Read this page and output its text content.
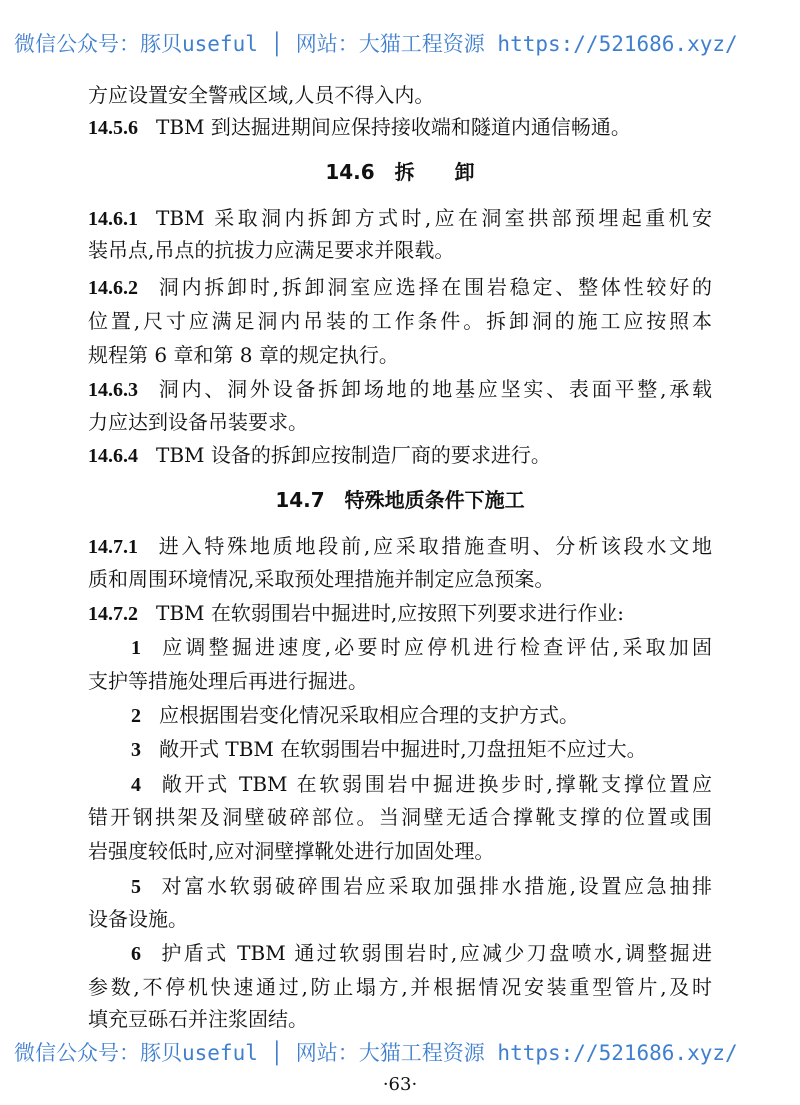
微信公众号：豚贝useful │ 网站：大猫工程资源 https://521686.xyz/
方应设置安全警戒区域,人员不得入内。
14.5.6 TBM 到达掘进期间应保持接收端和隧道内通信畅通。
14.6　拆　　卸
14.6.1 TBM 采取洞内拆卸方式时,应在洞室拱部预埋起重机安
装吊点,吊点的抗拔力应满足要求并限载。
14.6.2 洞内拆卸时,拆卸洞室应选择在围岩稳定、整体性较好的
位置,尺寸应满足洞内吊装的工作条件。拆卸洞的施工应按照本
规程第 6 章和第 8 章的规定执行。
14.6.3 洞内、洞外设备拆卸场地的地基应坚实、表面平整,承载
力应达到设备吊装要求。
14.6.4 TBM 设备的拆卸应按制造厂商的要求进行。
14.7　特殊地质条件下施工
14.7.1 进入特殊地质地段前,应采取措施查明、分析该段水文地
质和周围环境情况,采取预处理措施并制定应急预案。
14.7.2 TBM 在软弱围岩中掘进时,应按照下列要求进行作业:
1 应调整掘进速度,必要时应停机进行检查评估,采取加固
支护等措施处理后再进行掘进。
2 应根据围岩变化情况采取相应合理的支护方式。
3 敞开式 TBM 在软弱围岩中掘进时,刀盘扭矩不应过大。
4 敞开式 TBM 在软弱围岩中掘进换步时,撑靴支撑位置应
错开钢拱架及洞壁破碎部位。当洞壁无适合撑靴支撑的位置或围
岩强度较低时,应对洞壁撑靴处进行加固处理。
5 对富水软弱破碎围岩应采取加强排水措施,设置应急抽排
设备设施。
6 护盾式 TBM 通过软弱围岩时,应减少刀盘喷水,调整掘进
参数,不停机快速通过,防止塌方,并根据情况安装重型管片,及时
填充豆砾石并注浆固结。
微信公众号：豚贝useful │ 网站：大猫工程资源 https://521686.xyz/
·63·
